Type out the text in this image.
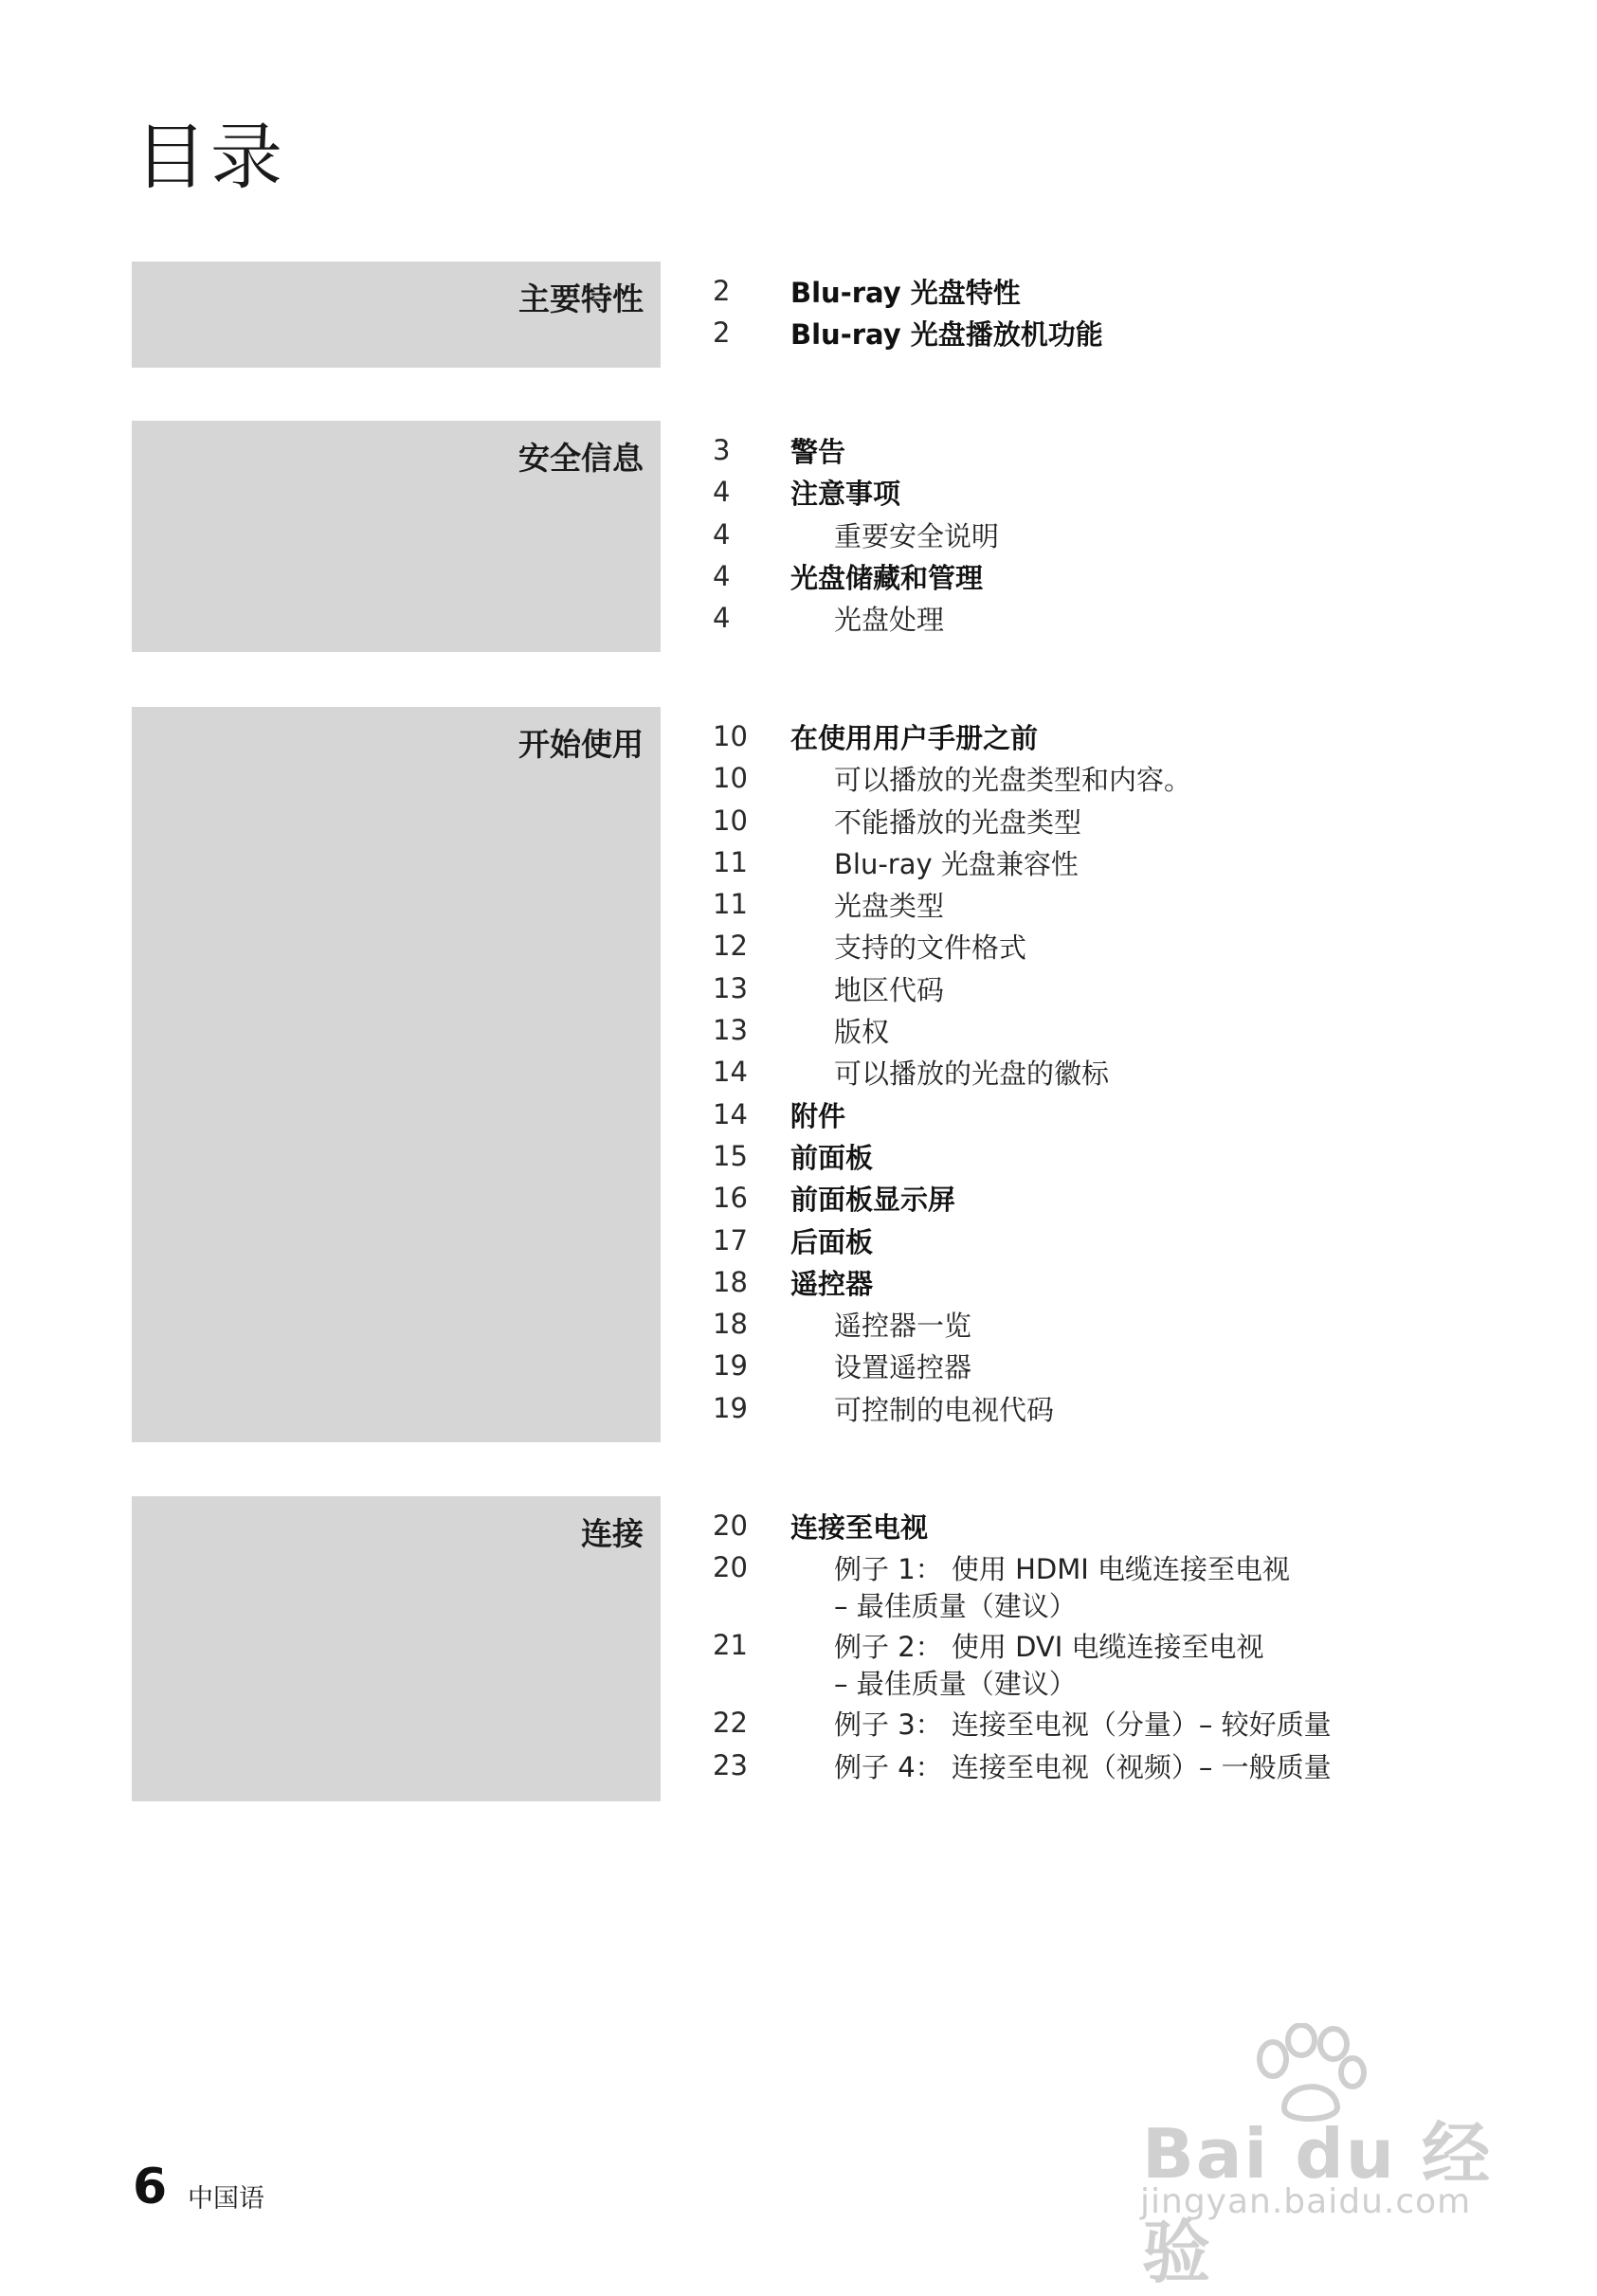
目录
主要特性	2 Blu-ray 光盘特性
2 Blu-ray 光盘播放机功能
安全信息	3 警告
4 注意事项
4	重要安全说明
4 光盘储藏和管理
4	光盘处理
开始使用	10 在使用用户手册之前
10	可以播放的光盘类型和内容。
10	不能播放的光盘类型
11	Blu-ray 光盘兼容性
11	光盘类型
12	支持的文件格式
13	地区代码
13	版权
14	可以播放的光盘的徽标
14 附件
15 前面板
16 前面板显示屏
17 后面板
18 遥控器
18	遥控器一览
19	设置遥控器
19	可控制的电视代码
连接	20 连接至电视
20	例子 1： 使用 HDMI 电缆连接至电视
– 最佳质量（建议）
21	例子 2： 使用 DVI 电缆连接至电视
– 最佳质量（建议）
22	例子 3： 连接至电视（分量）– 较好质量
23	例子 4： 连接至电视（视频）– 一般质量
6 中国语
Bai du 经验
jingyan.baidu.com
